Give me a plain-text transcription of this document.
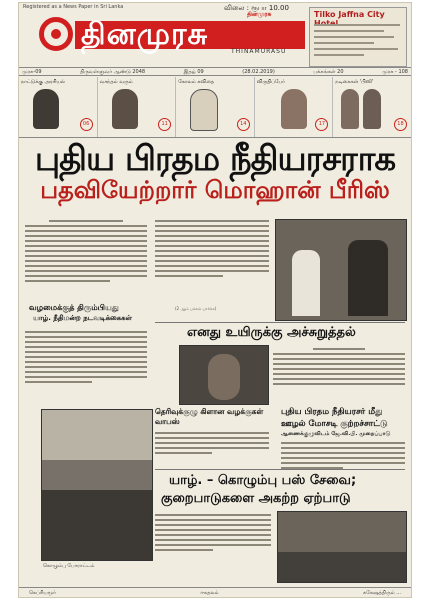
Registered as a News Paper in Sri Lanka	விலை : ரூபா 10.00
தினமுரசு
தினமுரசு
THINAMURASU
Tilko Jaffna City
முரசு-09	திருவள்ளுவர் ஆண்டு 2048	இதழ் 09	(28.02.2019)	பக்கங்கள் 20	முரசு - 108
நாட்டுக்கு அரசியல்
06
வசந்தம் வரும்
11
கோலம் கவிதை
14
விருதிப்பேர்
17
நடிகைகள் 'பிஸி'
18
புதிய பிரதம நீதியரசராக
பதவியேற்றார் மொஹான் பீரிஸ்
வழமைக்குத் திரும்பியது
யாழ். நீதிமன்ற நடவடிக்கைகள்
(2 ஆம் பக்கம் பார்க்க)
எனது உயிருக்கு அச்சுறுத்தல்
தெரிவுக்குழு கிளான வழக்குகள் வாபஸ்
புதிய பிரதம நீதியரசர் மீது
ஊழல் மோசடி குற்றச்சாட்டு
ஆணைக்குழுவிடம் ஜே.வி.பி. முறைப்பாடு
கொழும்பு போராட்டம்
யாழ். – கொழும்பு பஸ் சேவை;
குறைபாடுகளை அகற்ற ஏற்பாடு
கெப்ரியமூர்	ஈகதலம்	சுகேஷத்திரும் ...
